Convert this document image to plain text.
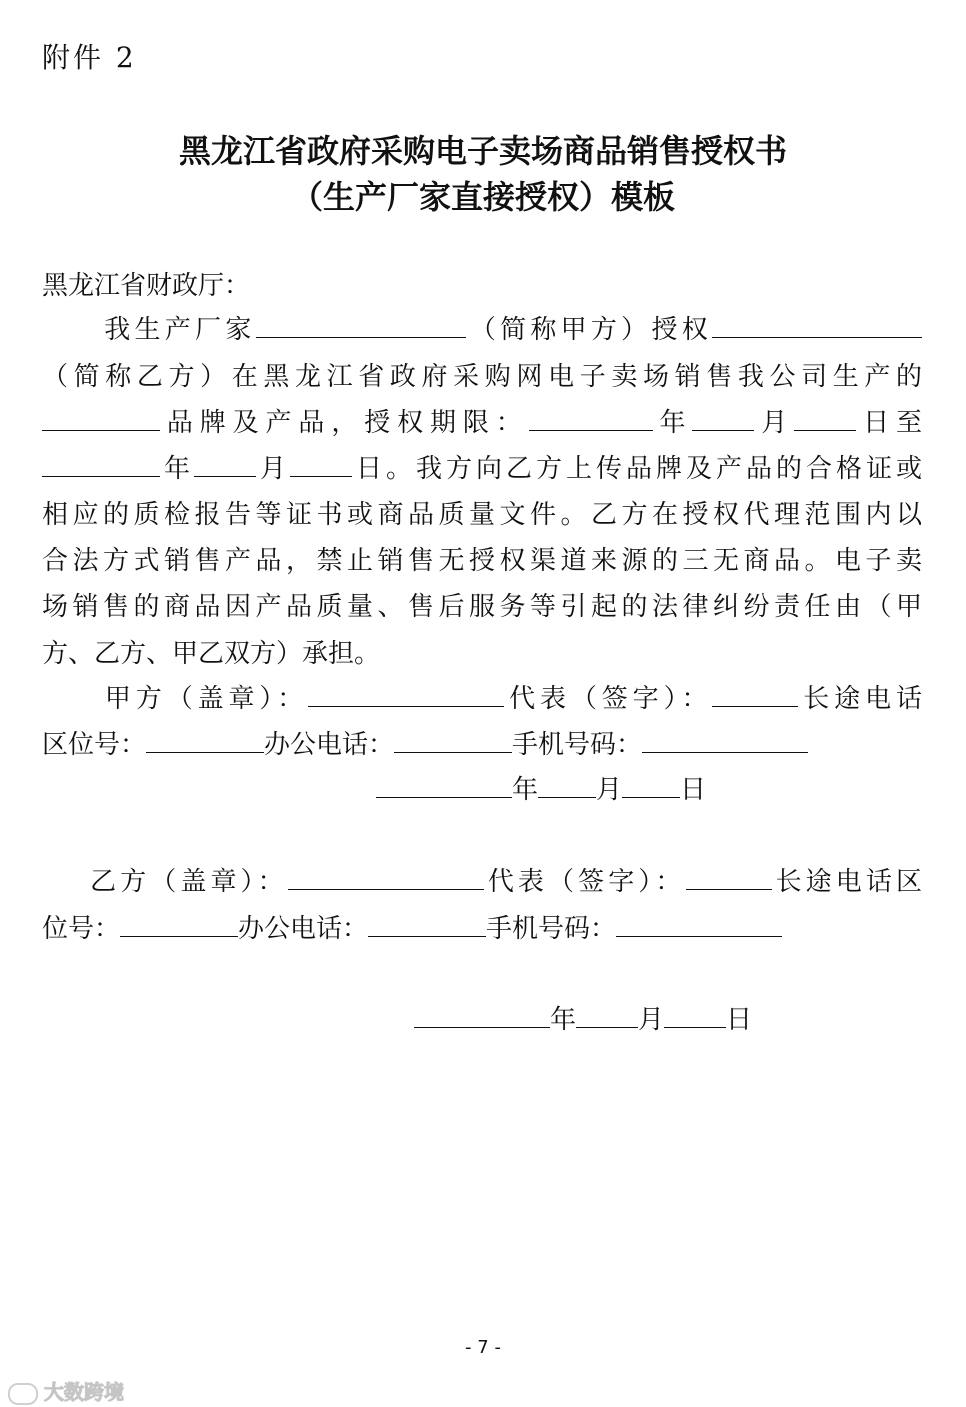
附件 2
黑龙江省政府采购电子卖场商品销售授权书
（生产厂家直接授权）模板
黑龙江省财政厅：
我生产厂家	（简称甲方）授权
（简称乙方）在黑龙江省政府采购网电子卖场销售我公司生产的
品牌及产品，授权期限：	年 月 日至
年 月 日。我方向乙方上传品牌及产品的合格证或
相应的质检报告等证书或商品质量文件。乙方在授权代理范围内以
合法方式销售产品，禁止销售无授权渠道来源的三无商品。电子卖
场销售的商品因产品质量、售后服务等引起的法律纠纷责任由（甲
方、乙方、甲乙双方）承担。
甲方（盖章）：	代表（签字）：	长途电话
区位号：	办公电话：	手机号码：
年 月 日
乙方（盖章）：	代表（签字）：	长途电话区
位号：	办公电话：	手机号码：
年 月 日
- 7 -
大数跨境
